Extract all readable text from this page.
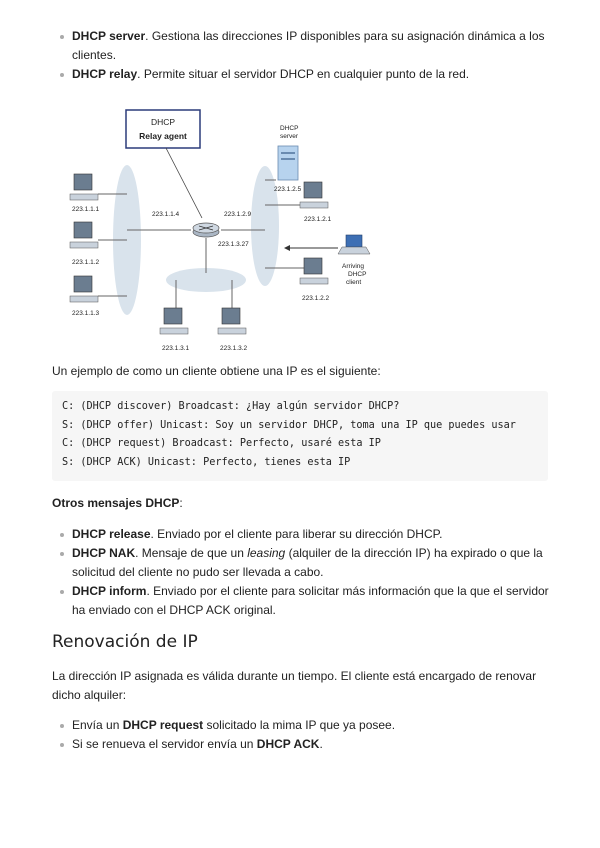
DHCP server. Gestiona las direcciones IP disponibles para su asignación dinámica a los clientes.
DHCP relay. Permite situar el servidor DHCP en cualquier punto de la red.
DHCP
Relay agent
223.1.1.4	223.1.2.9
223.1.3.27
DHCP
server
223.1.2.5
223.1.1.1
223.1.1.2
223.1.1.3
223.1.2.1
223.1.2.2
223.1.3.1	223.1.3.2
Arriving
DHCP
client

Un ejemplo de como un cliente obtiene una IP es el siguiente:

C: (DHCP discover) Broadcast: ¿Hay algún servidor DHCP?
S: (DHCP offer) Unicast: Soy un servidor DHCP, toma una IP que puedes usar
C: (DHCP request) Broadcast: Perfecto, usaré esta IP
S: (DHCP ACK) Unicast: Perfecto, tienes esta IP

Otros mensajes DHCP:

DHCP release. Enviado por el cliente para liberar su dirección DHCP.
DHCP NAK. Mensaje de que un leasing (alquiler de la dirección IP) ha expirado o que la solicitud del cliente no pudo ser llevada a cabo.
DHCP inform. Enviado por el cliente para solicitar más información que la que el servidor ha enviado con el DHCP ACK original.
Renovación de IP

La dirección IP asignada es válida durante un tiempo. El cliente está encargado de renovar dicho alquiler:

Envía un DHCP request solicitado la mima IP que ya posee.
Si se renueva el servidor envía un DHCP ACK.
